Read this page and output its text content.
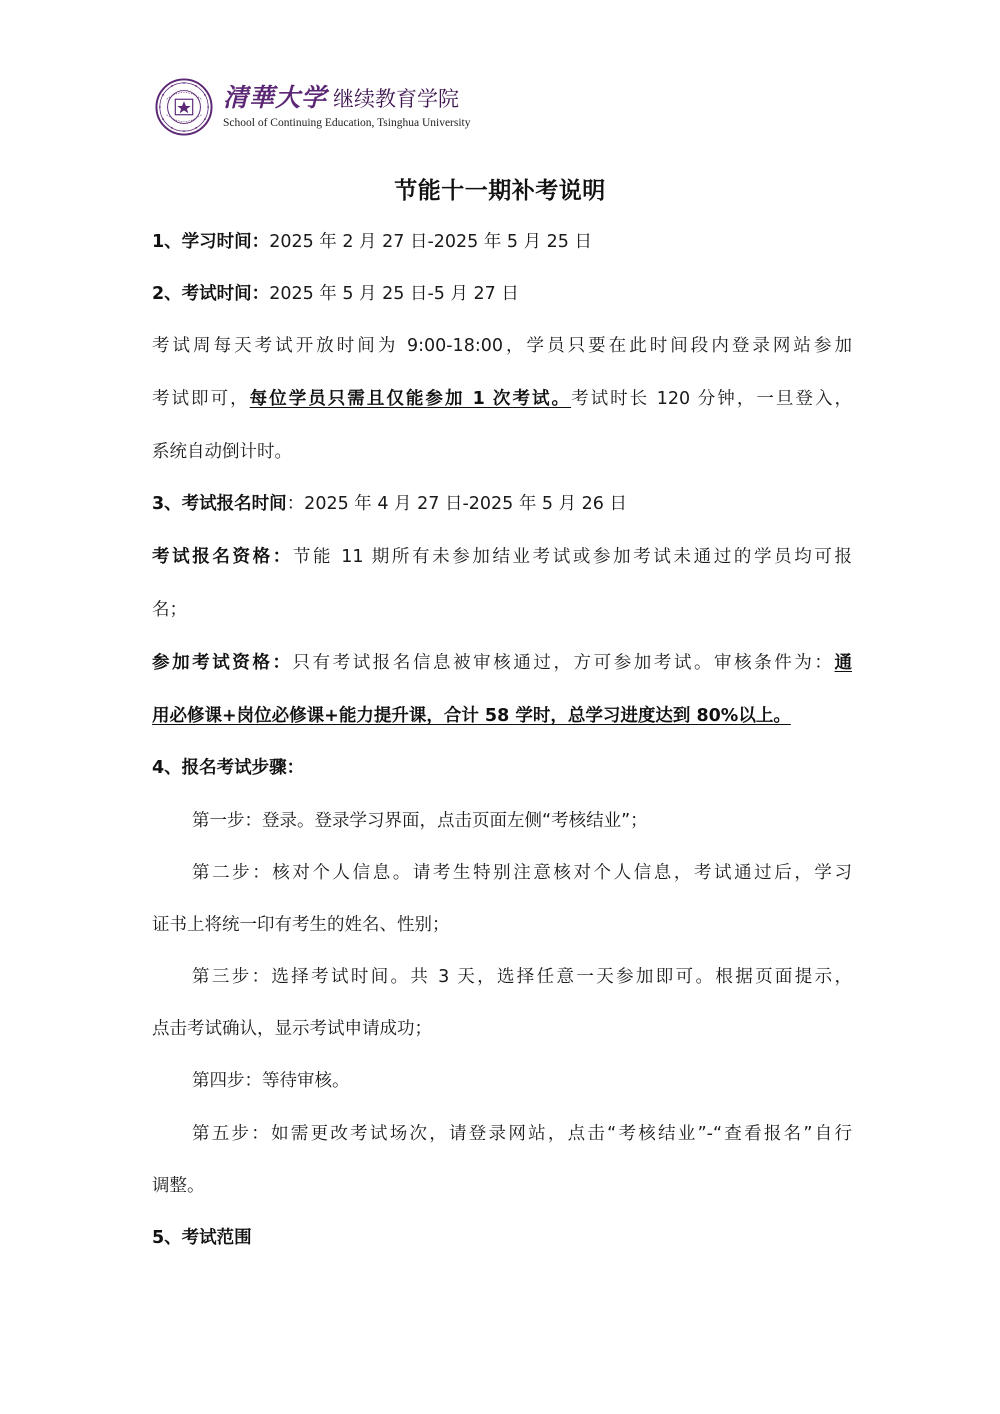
清華大学 继续教育学院
School of Continuing Education, Tsinghua University
节能十一期补考说明
1、学习时间：2025 年 2 月 27 日-2025 年 5 月 25 日
2、考试时间：2025 年 5 月 25 日-5 月 27 日
考试周每天考试开放时间为 9:00-18:00，学员只要在此时间段内登录网站参加
考试即可，每位学员只需且仅能参加 1 次考试。考试时长 120 分钟，一旦登入，
系统自动倒计时。
3、考试报名时间：2025 年 4 月 27 日-2025 年 5 月 26 日
考试报名资格：节能 11 期所有未参加结业考试或参加考试未通过的学员均可报
名；
参加考试资格：只有考试报名信息被审核通过，方可参加考试。审核条件为：通
用必修课+岗位必修课+能力提升课，合计 58 学时，总学习进度达到 80%以上。
4、报名考试步骤：
第一步：登录。登录学习界面，点击页面左侧“考核结业”；
第二步：核对个人信息。请考生特别注意核对个人信息，考试通过后，学习
证书上将统一印有考生的姓名、性别；
第三步：选择考试时间。共 3 天，选择任意一天参加即可。根据页面提示，
点击考试确认，显示考试申请成功；
第四步：等待审核。
第五步：如需更改考试场次，请登录网站，点击“考核结业”-“查看报名”自行
调整。
5、考试范围
